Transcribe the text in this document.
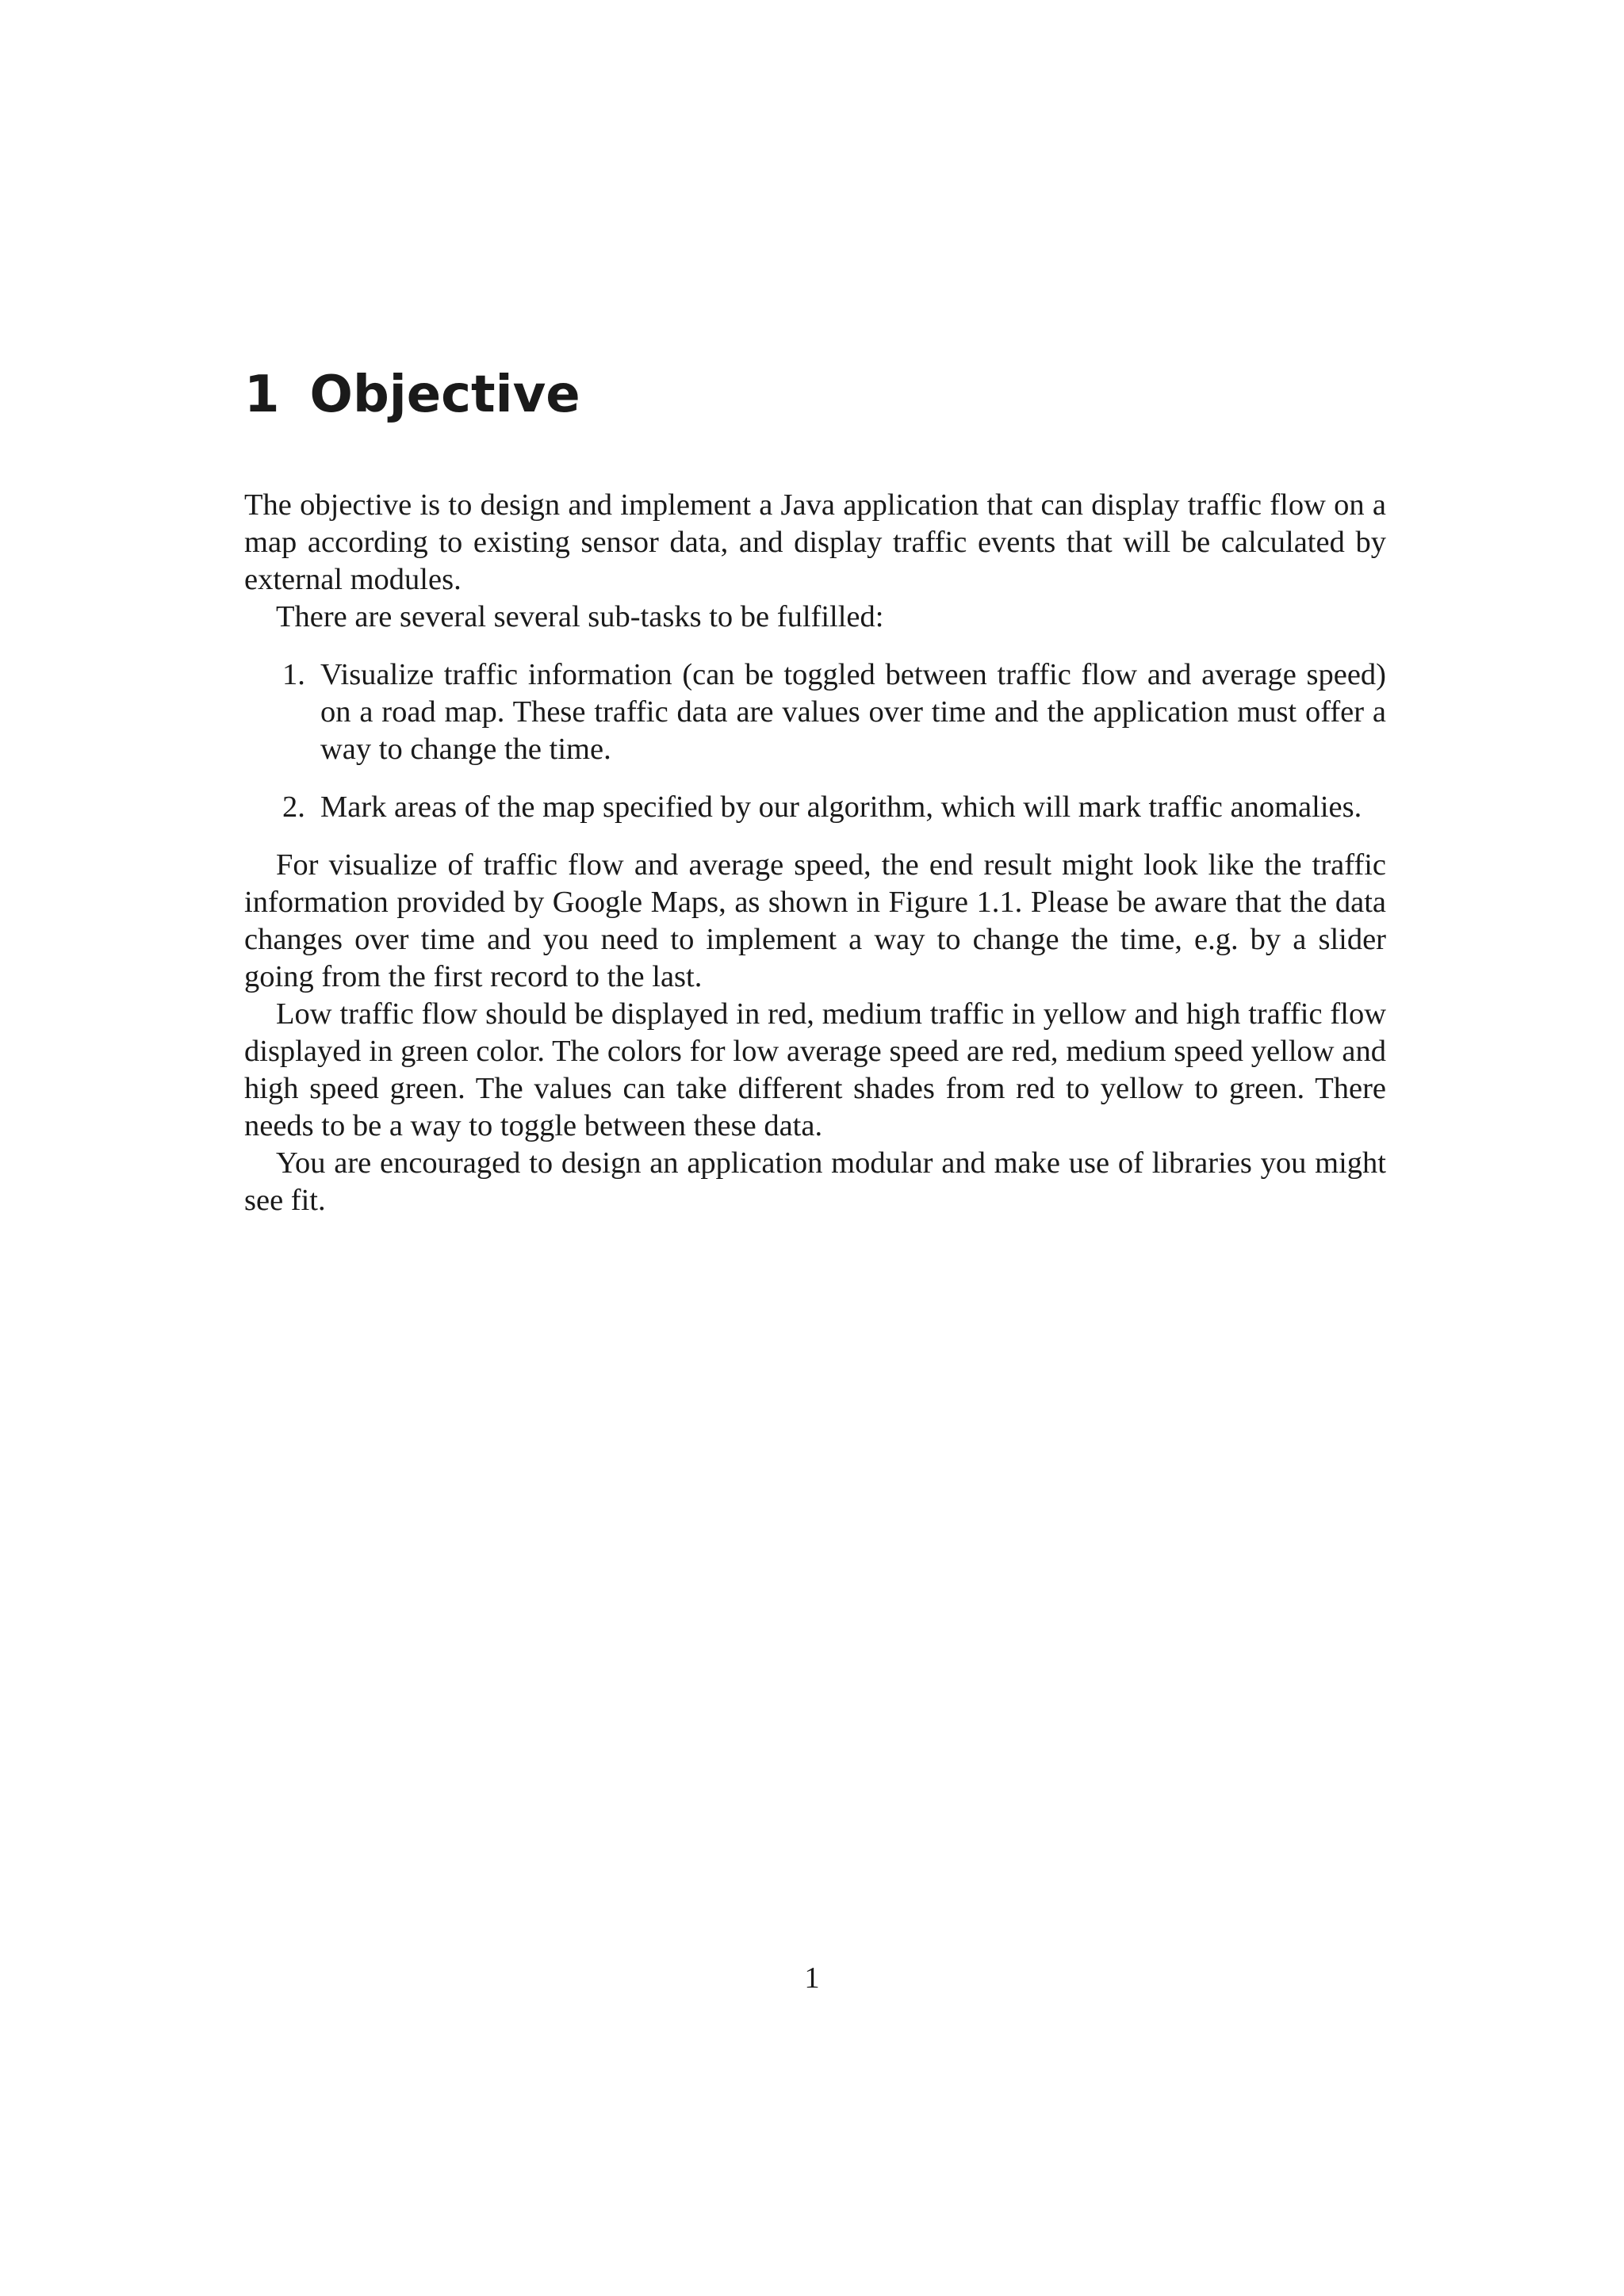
1 Objective

The objective is to design and implement a Java application that can display traffic flow on a map according to existing sensor data, and display traffic events that will be calculated by external modules.

There are several several sub-tasks to be fulfilled:

1. Visualize traffic information (can be toggled between traffic flow and average speed) on a road map. These traffic data are values over time and the application must offer a way to change the time.
2. Mark areas of the map specified by our algorithm, which will mark traffic anomalies.

For visualize of traffic flow and average speed, the end result might look like the traffic information provided by Google Maps, as shown in Figure 1.1. Please be aware that the data changes over time and you need to implement a way to change the time, e.g. by a slider going from the first record to the last.

Low traffic flow should be displayed in red, medium traffic in yellow and high traffic flow displayed in green color. The colors for low average speed are red, medium speed yellow and high speed green. The values can take different shades from red to yellow to green. There needs to be a way to toggle between these data.

You are encouraged to design an application modular and make use of libraries you might see fit.

1
